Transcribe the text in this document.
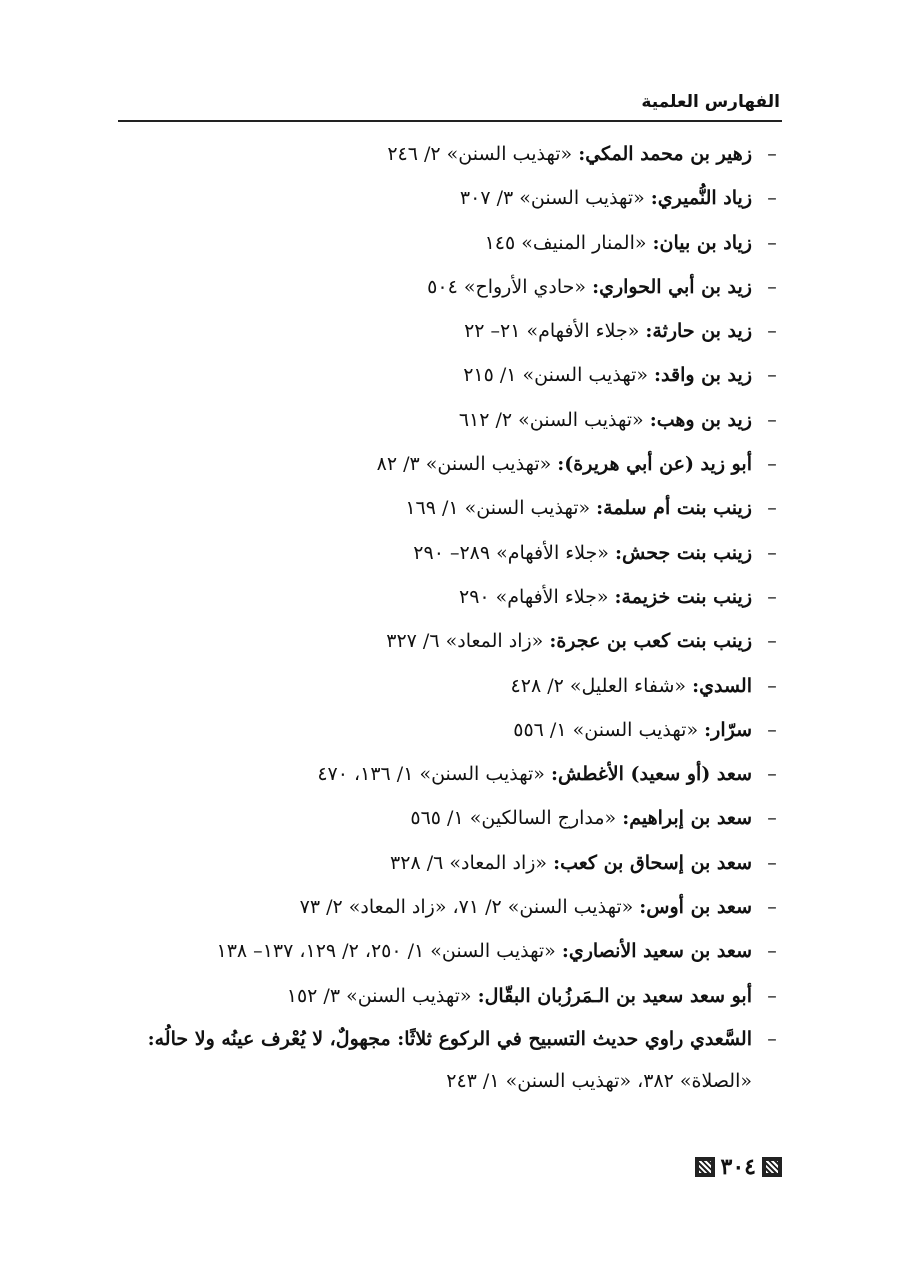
الفهارس العلمية
–
زهير بن محمد المكي: «تهذيب السنن» ٢/ ٢٤٦
–
زياد النُّميري: «تهذيب السنن» ٣/ ٣٠٧
–
زياد بن بيان: «المنار المنيف» ١٤٥
–
زيد بن أبي الحواري: «حادي الأرواح» ٥٠٤
–
زيد بن حارثة: «جلاء الأفهام» ٢١– ٢٢
–
زيد بن واقد: «تهذيب السنن» ١/ ٢١٥
–
زيد بن وهب: «تهذيب السنن» ٢/ ٦١٢
–
أبو زيد (عن أبي هريرة): «تهذيب السنن» ٣/ ٨٢
–
زينب بنت أم سلمة: «تهذيب السنن» ١/ ١٦٩
–
زينب بنت جحش: «جلاء الأفهام» ٢٨٩– ٢٩٠
–
زينب بنت خزيمة: «جلاء الأفهام» ٢٩٠
–
زينب بنت كعب بن عجرة: «زاد المعاد» ٦/ ٣٢٧
–
السدي: «شفاء العليل» ٢/ ٤٢٨
–
سرّار: «تهذيب السنن» ١/ ٥٥٦
–
سعد (أو سعيد) الأغطش: «تهذيب السنن» ١/ ١٣٦، ٤٧٠
–
سعد بن إبراهيم: «مدارج السالكين» ١/ ٥٦٥
–
سعد بن إسحاق بن كعب: «زاد المعاد» ٦/ ٣٢٨
–
سعد بن أوس: «تهذيب السنن» ٢/ ٧١، «زاد المعاد» ٢/ ٧٣
–
سعد بن سعيد الأنصاري: «تهذيب السنن» ١/ ٢٥٠، ٢/ ١٢٩، ١٣٧– ١٣٨
–
أبو سعد سعيد بن الـمَرزُبان البقّال: «تهذيب السنن» ٣/ ١٥٢
–
السَّعدي راوي حديث التسبيح في الركوع ثلاثًا: مجهولٌ، لا يُعْرف عينُه ولا حالُه: «الصلاة» ٣٨٢، «تهذيب السنن» ١/ ٢٤٣
٣٠٤
